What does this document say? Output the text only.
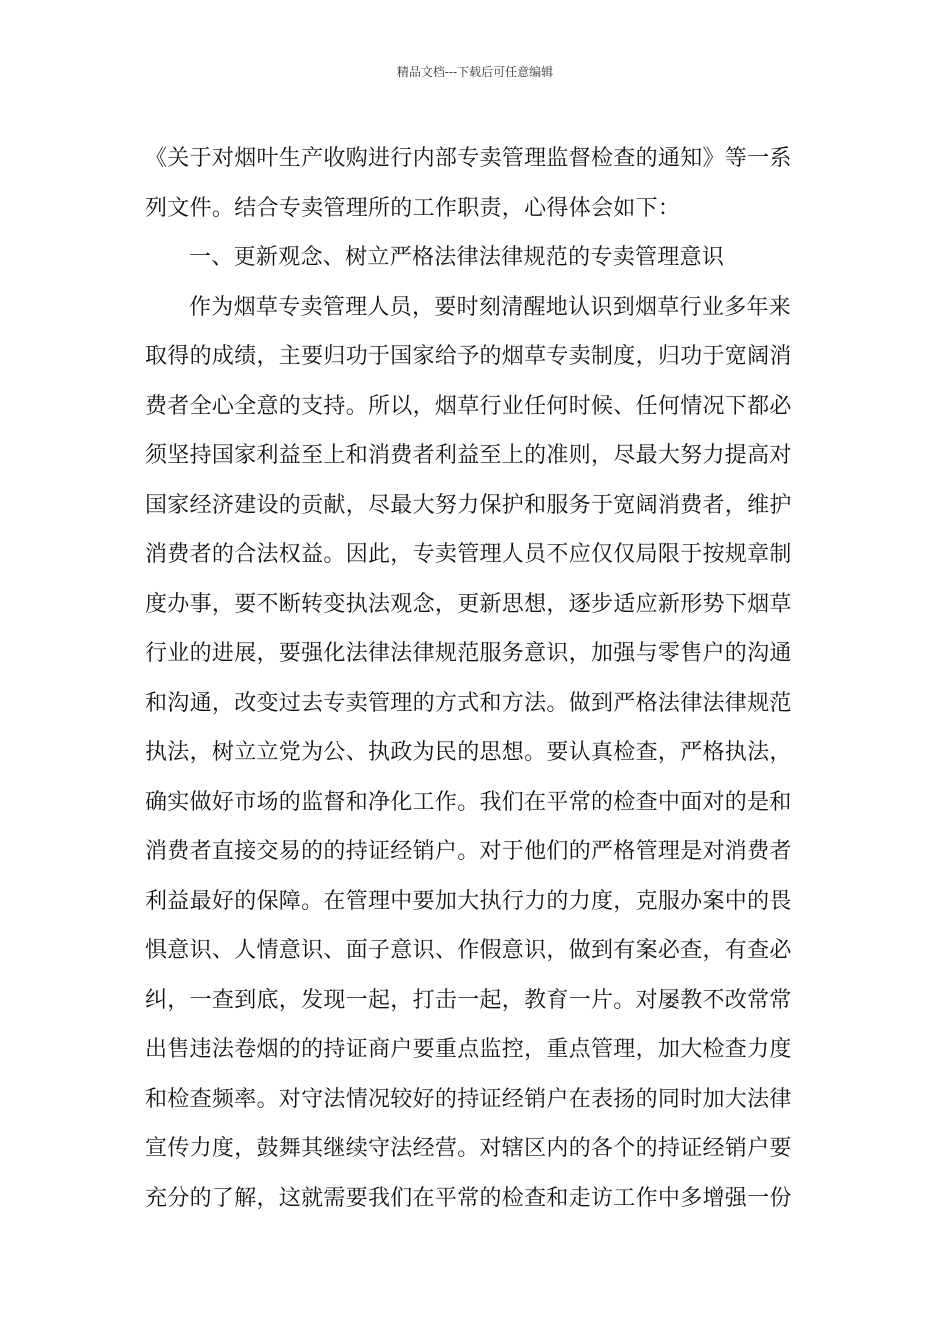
精品文档---下载后可任意编辑
《关于对烟叶生产收购进行内部专卖管理监督检查的通知》等一系
列文件。结合专卖管理所的工作职责，心得体会如下：
一、更新观念、树立严格法律法律规范的专卖管理意识
作为烟草专卖管理人员，要时刻清醒地认识到烟草行业多年来
取得的成绩，主要归功于国家给予的烟草专卖制度，归功于宽阔消
费者全心全意的支持。所以，烟草行业任何时候、任何情况下都必
须坚持国家利益至上和消费者利益至上的准则，尽最大努力提高对
国家经济建设的贡献，尽最大努力保护和服务于宽阔消费者，维护
消费者的合法权益。因此，专卖管理人员不应仅仅局限于按规章制
度办事，要不断转变执法观念，更新思想，逐步适应新形势下烟草
行业的进展，要强化法律法律规范服务意识，加强与零售户的沟通
和沟通，改变过去专卖管理的方式和方法。做到严格法律法律规范
执法，树立立党为公、执政为民的思想。要认真检查，严格执法，
确实做好市场的监督和净化工作。我们在平常的检查中面对的是和
消费者直接交易的的持证经销户。对于他们的严格管理是对消费者
利益最好的保障。在管理中要加大执行力的力度，克服办案中的畏
惧意识、人情意识、面子意识、作假意识，做到有案必查，有查必
纠，一查到底，发现一起，打击一起，教育一片。对屡教不改常常
出售违法卷烟的的持证商户要重点监控，重点管理，加大检查力度
和检查频率。对守法情况较好的持证经销户在表扬的同时加大法律
宣传力度，鼓舞其继续守法经营。对辖区内的各个的持证经销户要
充分的了解，这就需要我们在平常的检查和走访工作中多增强一份
